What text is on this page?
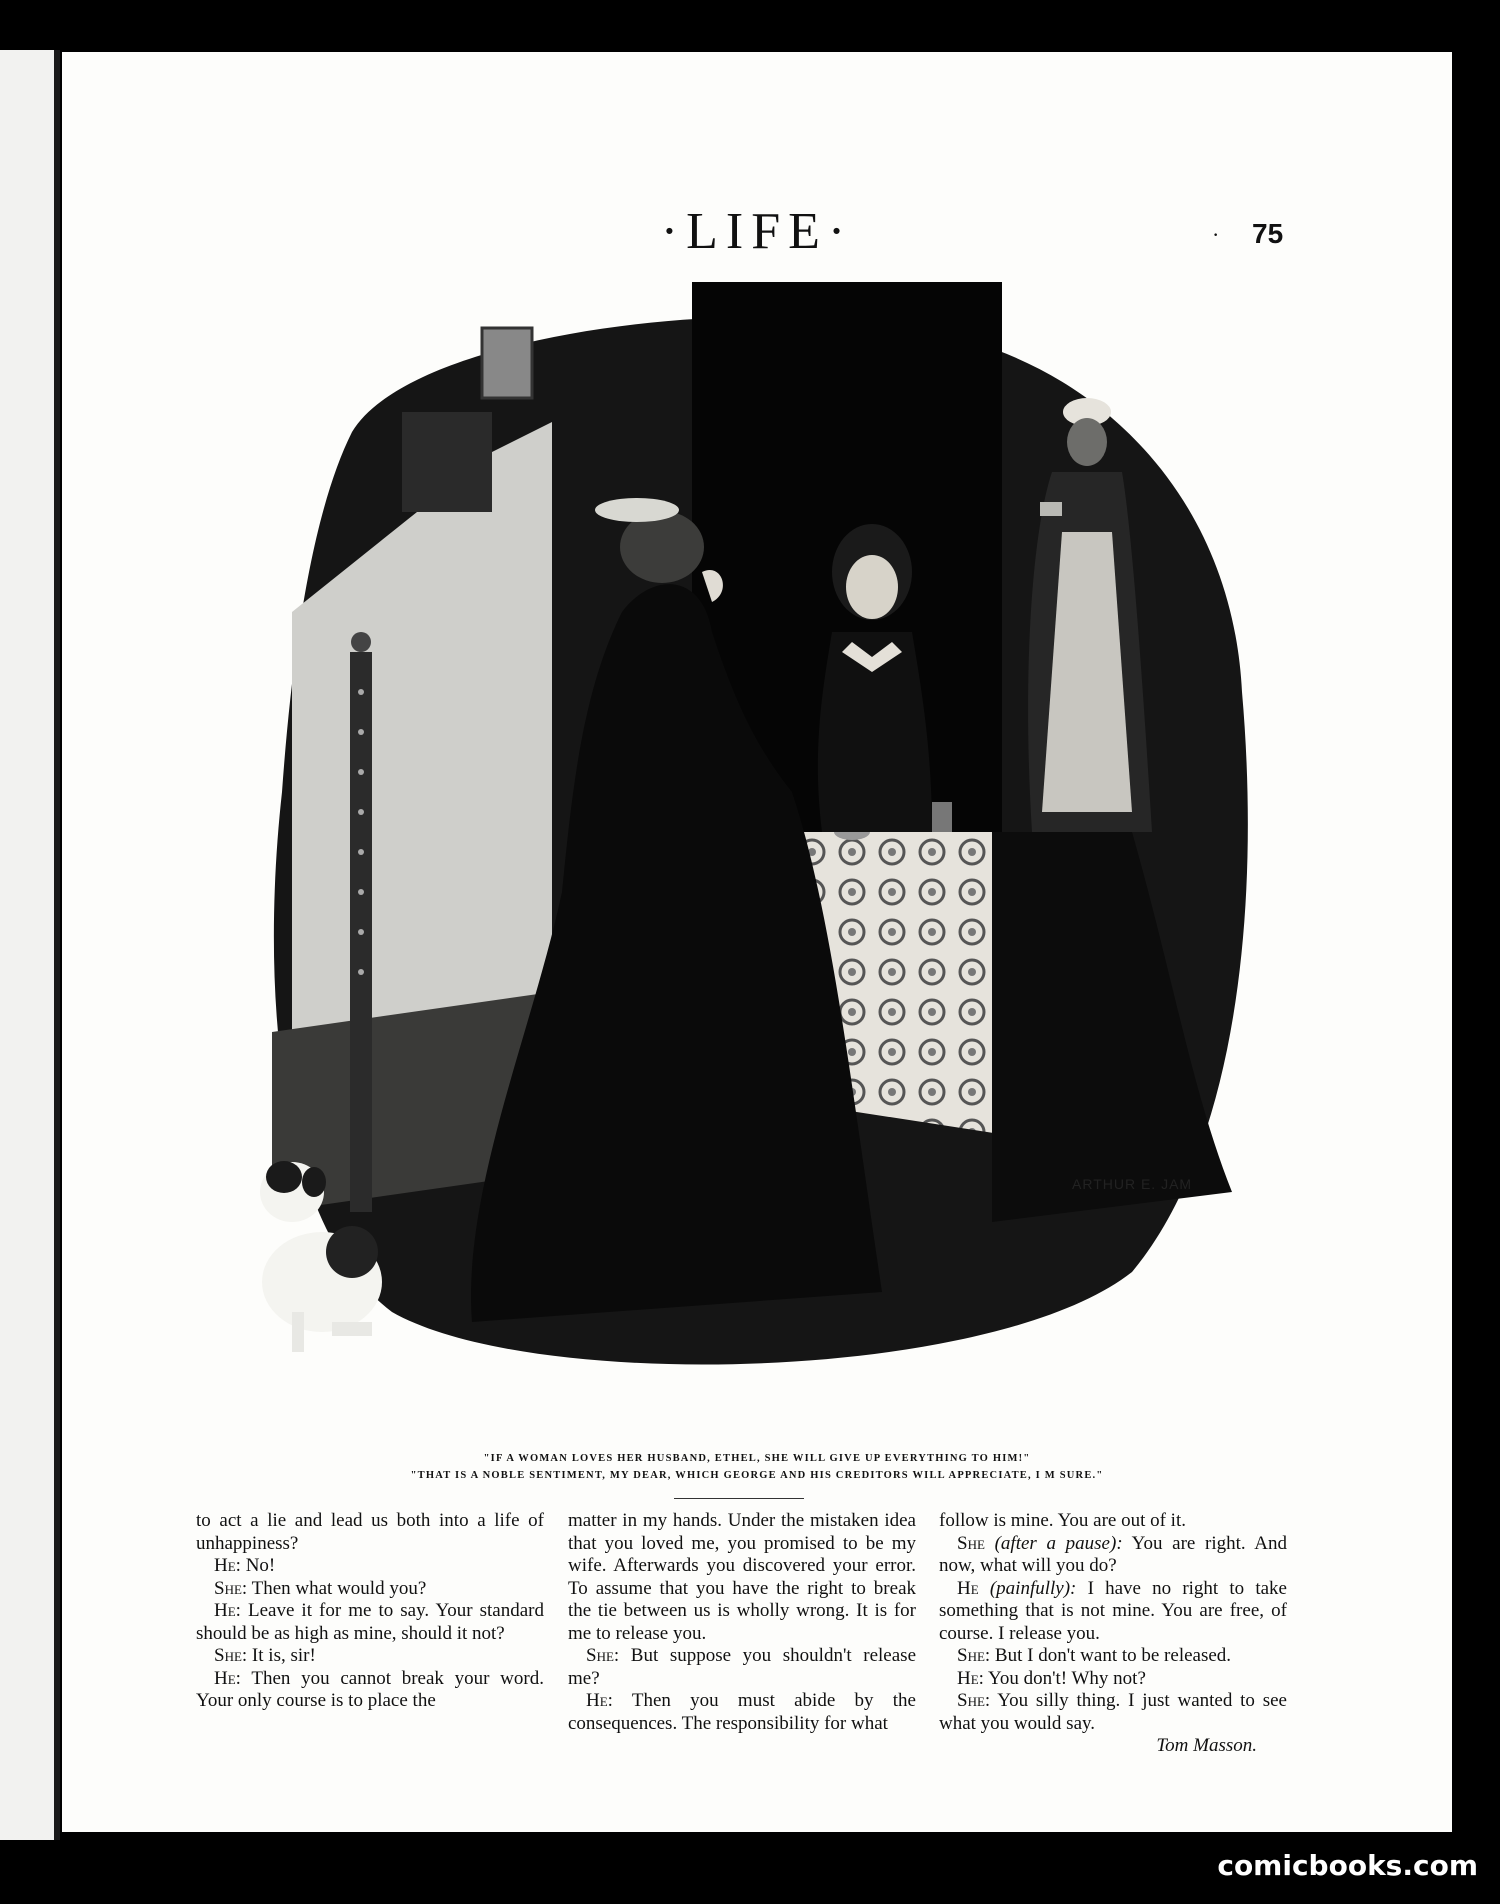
·LIFE·	· 75
ARTHUR E. JAM
"IF A WOMAN LOVES HER HUSBAND, ETHEL, SHE WILL GIVE UP EVERYTHING TO HIM!"
"THAT IS A NOBLE SENTIMENT, MY DEAR, WHICH GEORGE AND HIS CREDITORS WILL APPRECIATE, I M SURE."

to act a lie and lead us both into a life of unhappiness?

He: No!

She: Then what would you?

He: Leave it for me to say. Your standard should be as high as mine, should it not?

She: It is, sir!

He: Then you cannot break your word. Your only course is to place the

matter in my hands. Under the mistaken idea that you loved me, you promised to be my wife. Afterwards you discovered your error. To assume that you have the right to break the tie between us is wholly wrong. It is for me to release you.

She: But suppose you shouldn't release me?

He: Then you must abide by the consequences. The responsibility for what

follow is mine. You are out of it.

She (after a pause): You are right. And now, what will you do?

He (painfully): I have no right to take something that is not mine. You are free, of course. I release you.

She: But I don't want to be released.

He: You don't! Why not?

She: You silly thing. I just wanted to see what you would say.

Tom Masson.

comicbooks.com
